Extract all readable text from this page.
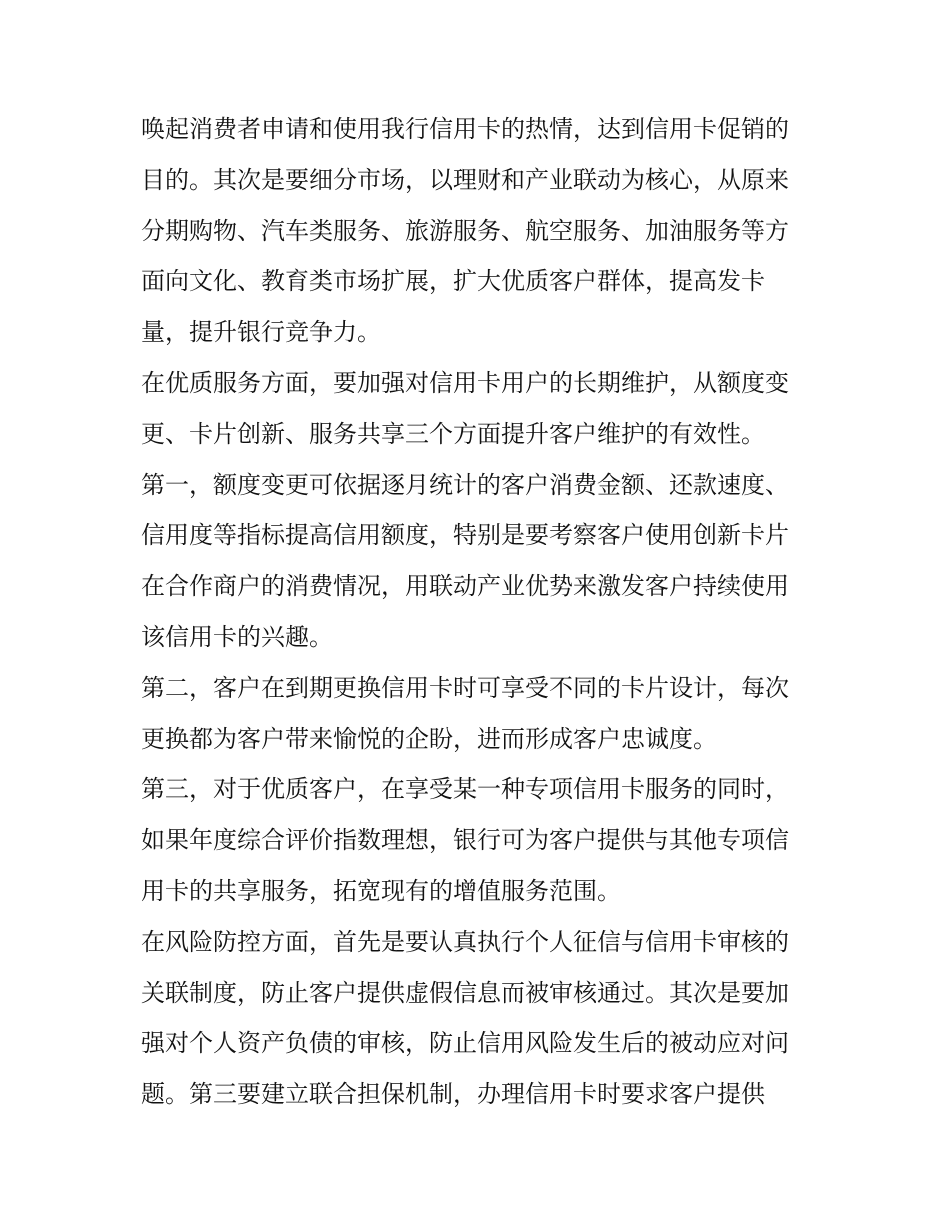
唤起消费者申请和使用我行信用卡的热情，达到信用卡促销的
目的。其次是要细分市场，以理财和产业联动为核心，从原来
分期购物、汽车类服务、旅游服务、航空服务、加油服务等方
面向文化、教育类市场扩展，扩大优质客户群体，提高发卡
量，提升银行竞争力。
在优质服务方面，要加强对信用卡用户的长期维护，从额度变
更、卡片创新、服务共享三个方面提升客户维护的有效性。
第一，额度变更可依据逐月统计的客户消费金额、还款速度、
信用度等指标提高信用额度，特别是要考察客户使用创新卡片
在合作商户的消费情况，用联动产业优势来激发客户持续使用
该信用卡的兴趣。
第二，客户在到期更换信用卡时可享受不同的卡片设计，每次
更换都为客户带来愉悦的企盼，进而形成客户忠诚度。
第三，对于优质客户，在享受某一种专项信用卡服务的同时，
如果年度综合评价指数理想，银行可为客户提供与其他专项信
用卡的共享服务，拓宽现有的增值服务范围。
在风险防控方面，首先是要认真执行个人征信与信用卡审核的
关联制度，防止客户提供虚假信息而被审核通过。其次是要加
强对个人资产负债的审核，防止信用风险发生后的被动应对问
题。第三要建立联合担保机制，办理信用卡时要求客户提供
